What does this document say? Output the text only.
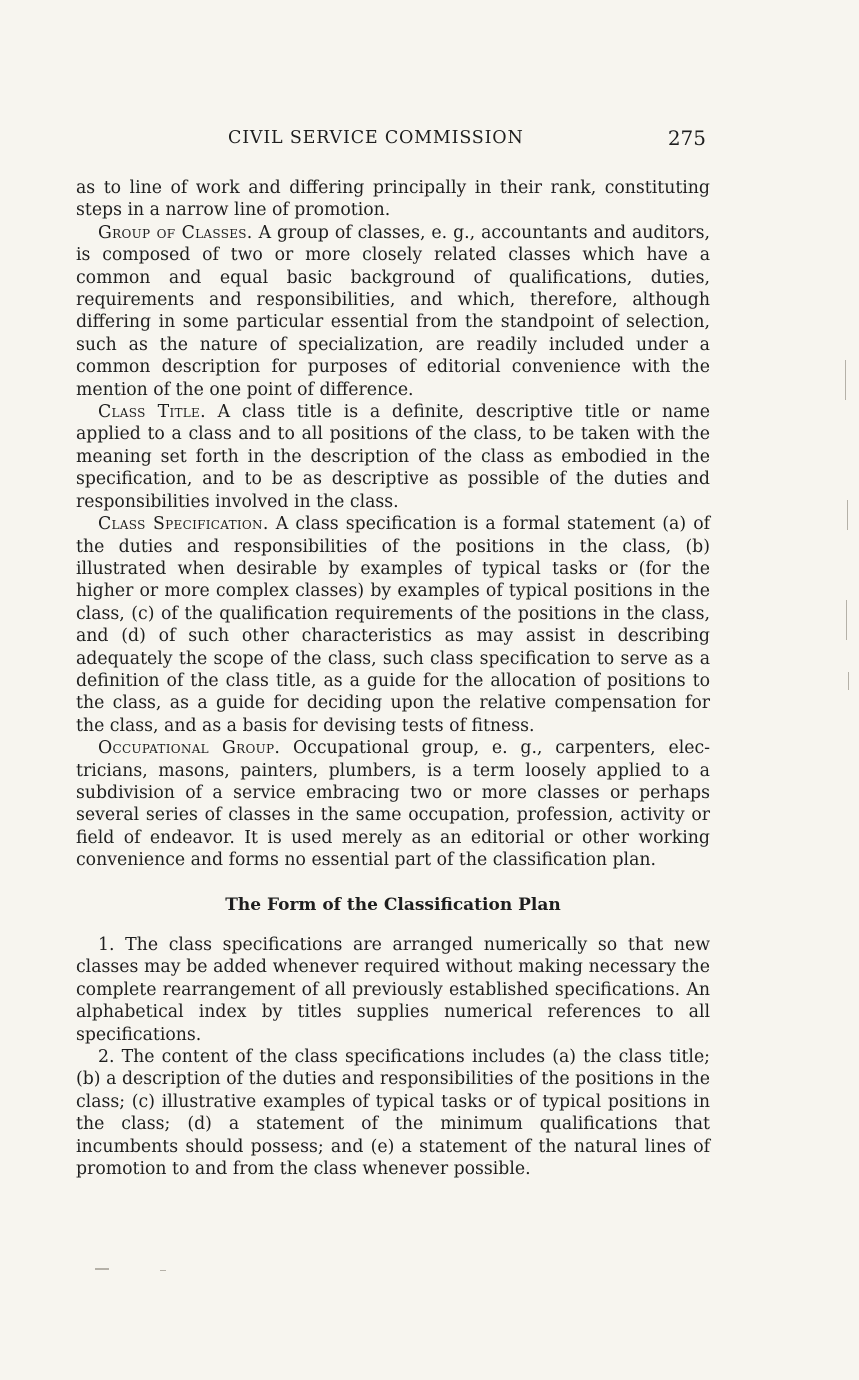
CIVIL SERVICE COMMISSION	275

as to line of work and differing principally in their rank, constituting steps in a narrow line of promotion.

Group of Classes. A group of classes, e. g., accountants and auditors, is composed of two or more closely related classes which have a common and equal basic background of qualifications, duties, requirements and responsibilities, and which, therefore, although differing in some particular essential from the standpoint of selection, such as the nature of specialization, are readily included under a common description for purposes of editorial convenience with the mention of the one point of difference.

Class Title. A class title is a definite, descriptive title or name applied to a class and to all positions of the class, to be taken with the meaning set forth in the description of the class as embodied in the specification, and to be as descriptive as possible of the duties and responsibilities involved in the class.

Class Specification. A class specification is a formal statement (a) of the duties and responsibilities of the positions in the class, (b) illustrated when desirable by examples of typical tasks or (for the higher or more complex classes) by examples of typical positions in the class, (c) of the qualification requirements of the positions in the class, and (d) of such other characteristics as may assist in describing adequately the scope of the class, such class specification to serve as a definition of the class title, as a guide for the allocation of positions to the class, as a guide for deciding upon the relative compensation for the class, and as a basis for devising tests of fitness.

Occupational Group. Occupational group, e. g., carpenters, electricians, masons, painters, plumbers, is a term loosely applied to a subdivision of a service embracing two or more classes or perhaps several series of classes in the same occupation, profession, activity or field of endeavor. It is used merely as an editorial or other working convenience and forms no essential part of the classification plan.

The Form of the Classification Plan

1. The class specifications are arranged numerically so that new classes may be added whenever required without making necessary the complete rearrangement of all previously established specifications. An alphabetical index by titles supplies numerical references to all specifications.

2. The content of the class specifications includes (a) the class title; (b) a description of the duties and responsibilities of the positions in the class; (c) illustrative examples of typical tasks or of typical positions in the class; (d) a statement of the minimum qualifications that incumbents should possess; and (e) a statement of the natural lines of promotion to and from the class whenever possible.
